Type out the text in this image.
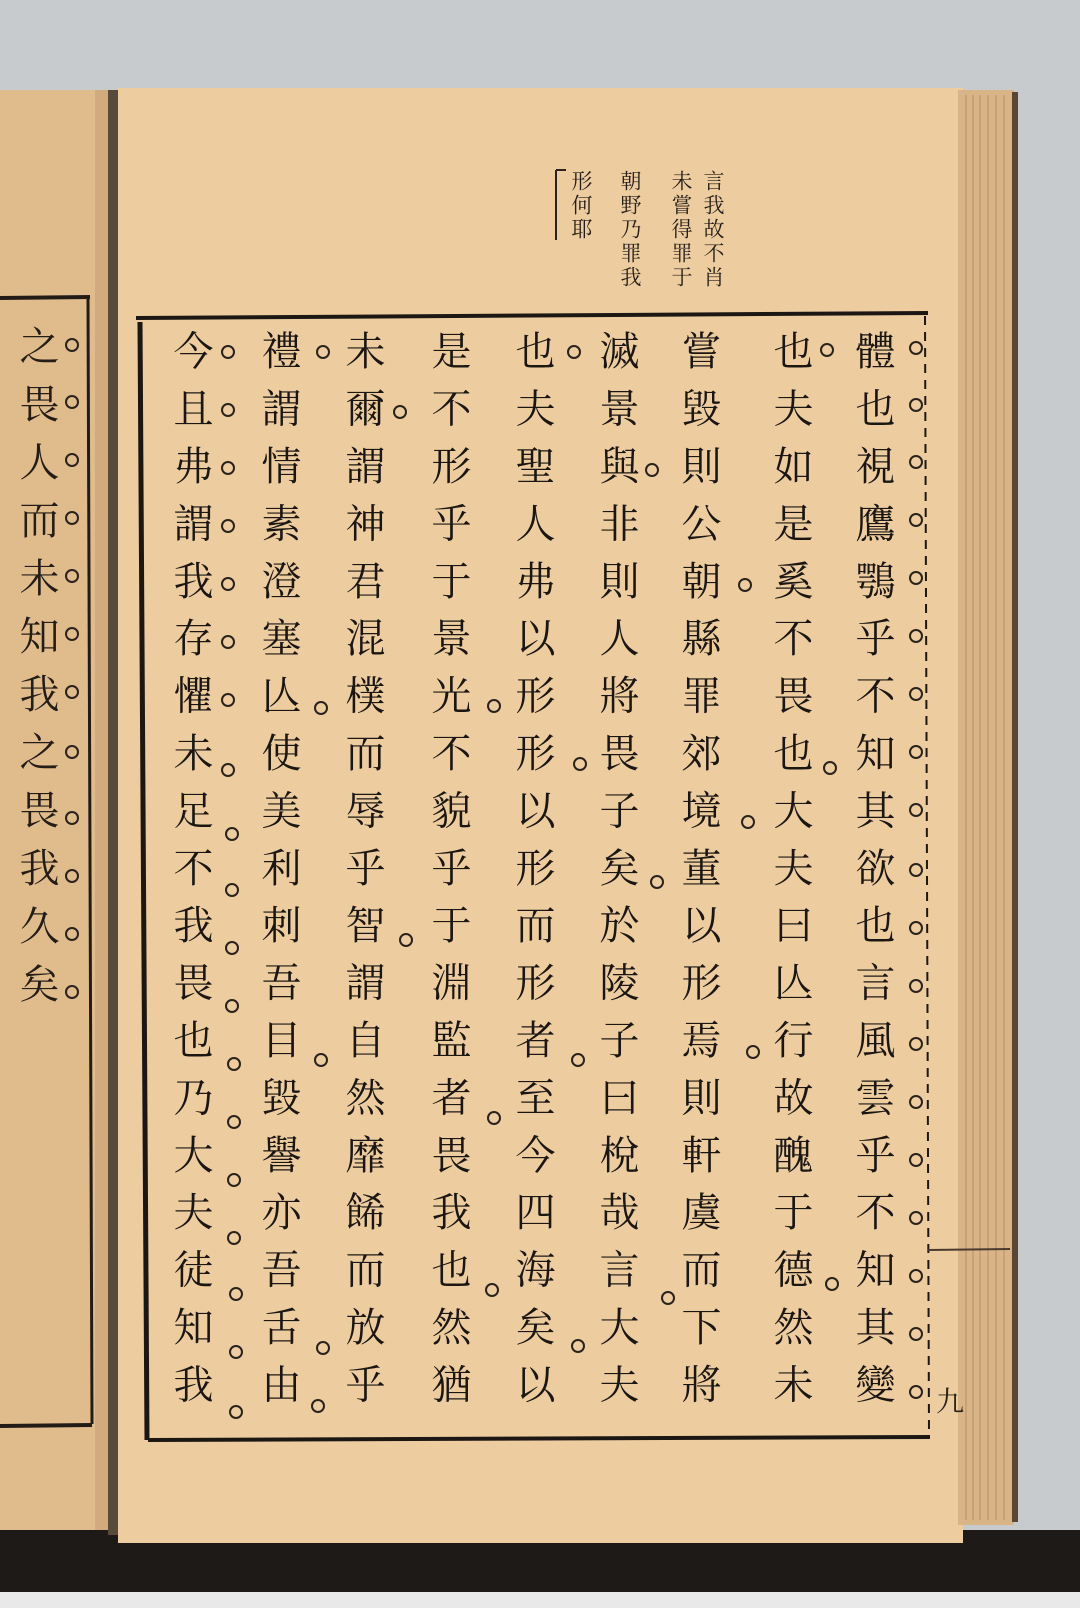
之畏人而未知我之畏我久矣
言我故不肖
未嘗得罪于
朝野乃罪我
形何耶
體也視鷹鶚乎不知其欲也言風雲乎不知其變
也夫如是奚不畏也大夫曰亾行故醜于德然未
嘗毀則公朝縣罪郊境董以形焉則軒虞而下將
滅景與非則人將畏子矣於陵子曰梲哉言大夫
也夫聖人弗以形形以形而形者至今四海矣以
是不形乎于景光不貌乎于淵監者畏我也然猶
未爾謂神君混樸而辱乎智謂自然靡餙而放乎
禮謂情素澄塞亾使美利刺吾目毀譽亦吾舌由
今且弗謂我存懼未足不我畏也乃大夫徒知我	九
